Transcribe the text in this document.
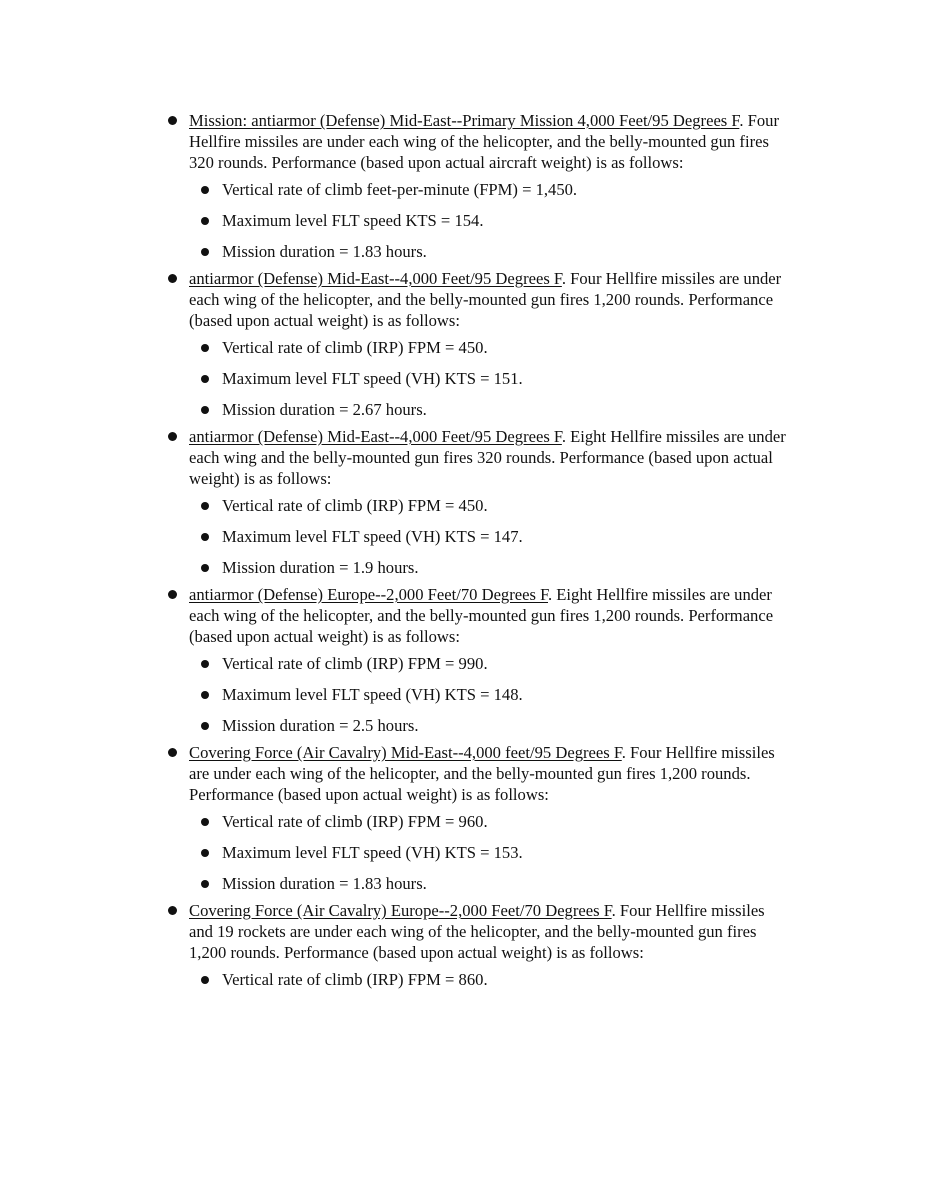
Mission: antiarmor (Defense) Mid-East--Primary Mission 4,000 Feet/95 Degrees F. Four Hellfire missiles are under each wing of the helicopter, and the belly-mounted gun fires 320 rounds. Performance (based upon actual aircraft weight) is as follows:
Vertical rate of climb feet-per-minute (FPM) = 1,450.
Maximum level FLT speed KTS = 154.
Mission duration = 1.83 hours.
antiarmor (Defense) Mid-East--4,000 Feet/95 Degrees F. Four Hellfire missiles are under each wing of the helicopter, and the belly-mounted gun fires 1,200 rounds. Performance (based upon actual weight) is as follows:
Vertical rate of climb (IRP) FPM = 450.
Maximum level FLT speed (VH) KTS = 151.
Mission duration = 2.67 hours.
antiarmor (Defense) Mid-East--4,000 Feet/95 Degrees F. Eight Hellfire missiles are under each wing and the belly-mounted gun fires 320 rounds. Performance (based upon actual weight) is as follows:
Vertical rate of climb (IRP) FPM = 450.
Maximum level FLT speed (VH) KTS = 147.
Mission duration = 1.9 hours.
antiarmor (Defense) Europe--2,000 Feet/70 Degrees F. Eight Hellfire missiles are under each wing of the helicopter, and the belly-mounted gun fires 1,200 rounds. Performance (based upon actual weight) is as follows:
Vertical rate of climb (IRP) FPM = 990.
Maximum level FLT speed (VH) KTS = 148.
Mission duration = 2.5 hours.
Covering Force (Air Cavalry) Mid-East--4,000 feet/95 Degrees F. Four Hellfire missiles are under each wing of the helicopter, and the belly-mounted gun fires 1,200 rounds. Performance (based upon actual weight) is as follows:
Vertical rate of climb (IRP) FPM = 960.
Maximum level FLT speed (VH) KTS = 153.
Mission duration = 1.83 hours.
Covering Force (Air Cavalry) Europe--2,000 Feet/70 Degrees F. Four Hellfire missiles and 19 rockets are under each wing of the helicopter, and the belly-mounted gun fires 1,200 rounds. Performance (based upon actual weight) is as follows:
Vertical rate of climb (IRP) FPM = 860.
